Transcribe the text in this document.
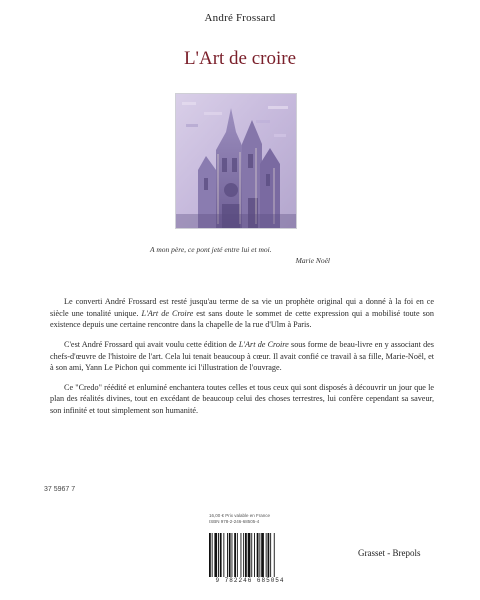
André Frossard
L'Art de croire
A mon père, ce pont jeté entre lui et moi.
Marie Noël

Le converti André Frossard est resté jusqu'au terme de sa vie un prophète original qui a donné à la foi en ce siècle une tonalité unique. L'Art de Croire est sans doute le sommet de cette expression qui a mobilisé toute son existence depuis une certaine rencontre dans la chapelle de la rue d'Ulm à Paris.

C'est André Frossard qui avait voulu cette édition de L'Art de Croire sous forme de beau-livre en y associant des chefs-d'œuvre de l'histoire de l'art. Cela lui tenait beaucoup à cœur. Il avait confié ce travail à sa fille, Marie-Noël, et à son ami, Yann Le Pichon qui commente ici l'illustration de l'ouvrage.

Ce "Credo" réédité et enluminé enchantera toutes celles et tous ceux qui sont disposés à découvrir un jour que le plan des réalités divines, tout en excédant de beaucoup celui des choses terrestres, lui confère cependant sa saveur, son infinité et tout simplement son humanité.

37 5967 7
16,00 € Prix valable en France
ISBN 978-2-246-68505-4
9 782246 685054
Grasset - Brepols
